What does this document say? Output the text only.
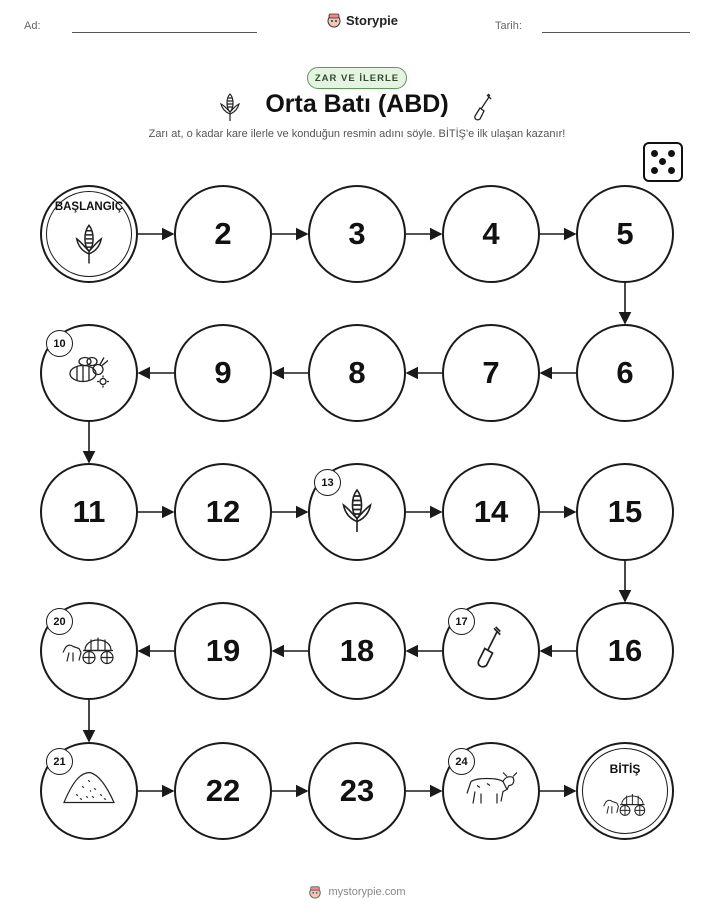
Ad:	Tarih:
Storypie
ZAR VE İLERLE
Orta Batı (ABD)
Zarı at, o kadar kare ilerle ve konduğun resmin adını söyle. BİTİŞ'e ilk ulaşan kazanır!
BAŞLANGIÇ
2	3	4	5
6
7
8
9
10
11	12
13
14	15
16
17
18
19
20
21
22	23
24
BİTİŞ
mystorypie.com
